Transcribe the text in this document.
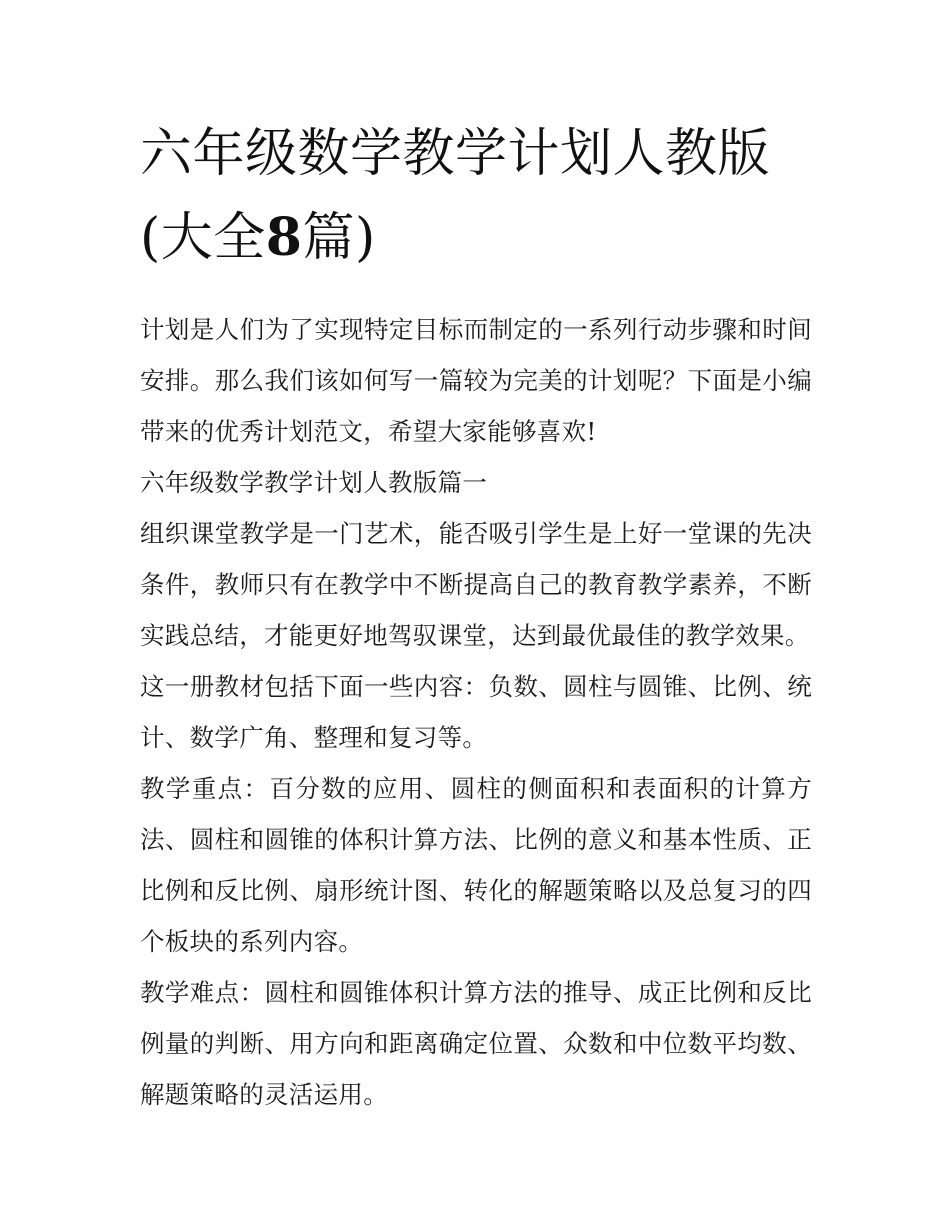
六年级数学教学计划人教版(大全8篇)

计划是人们为了实现特定目标而制定的一系列行动步骤和时间安排。那么我们该如何写一篇较为完美的计划呢？下面是小编带来的优秀计划范文，希望大家能够喜欢!

六年级数学教学计划人教版篇一

组织课堂教学是一门艺术，能否吸引学生是上好一堂课的先决条件，教师只有在教学中不断提高自己的教育教学素养，不断实践总结，才能更好地驾驭课堂，达到最优最佳的教学效果。

这一册教材包括下面一些内容：负数、圆柱与圆锥、比例、统计、数学广角、整理和复习等。

教学重点：百分数的应用、圆柱的侧面积和表面积的计算方法、圆柱和圆锥的体积计算方法、比例的意义和基本性质、正比例和反比例、扇形统计图、转化的解题策略以及总复习的四个板块的系列内容。

教学难点：圆柱和圆锥体积计算方法的推导、成正比例和反比例量的判断、用方向和距离确定位置、众数和中位数平均数、解题策略的灵活运用。
